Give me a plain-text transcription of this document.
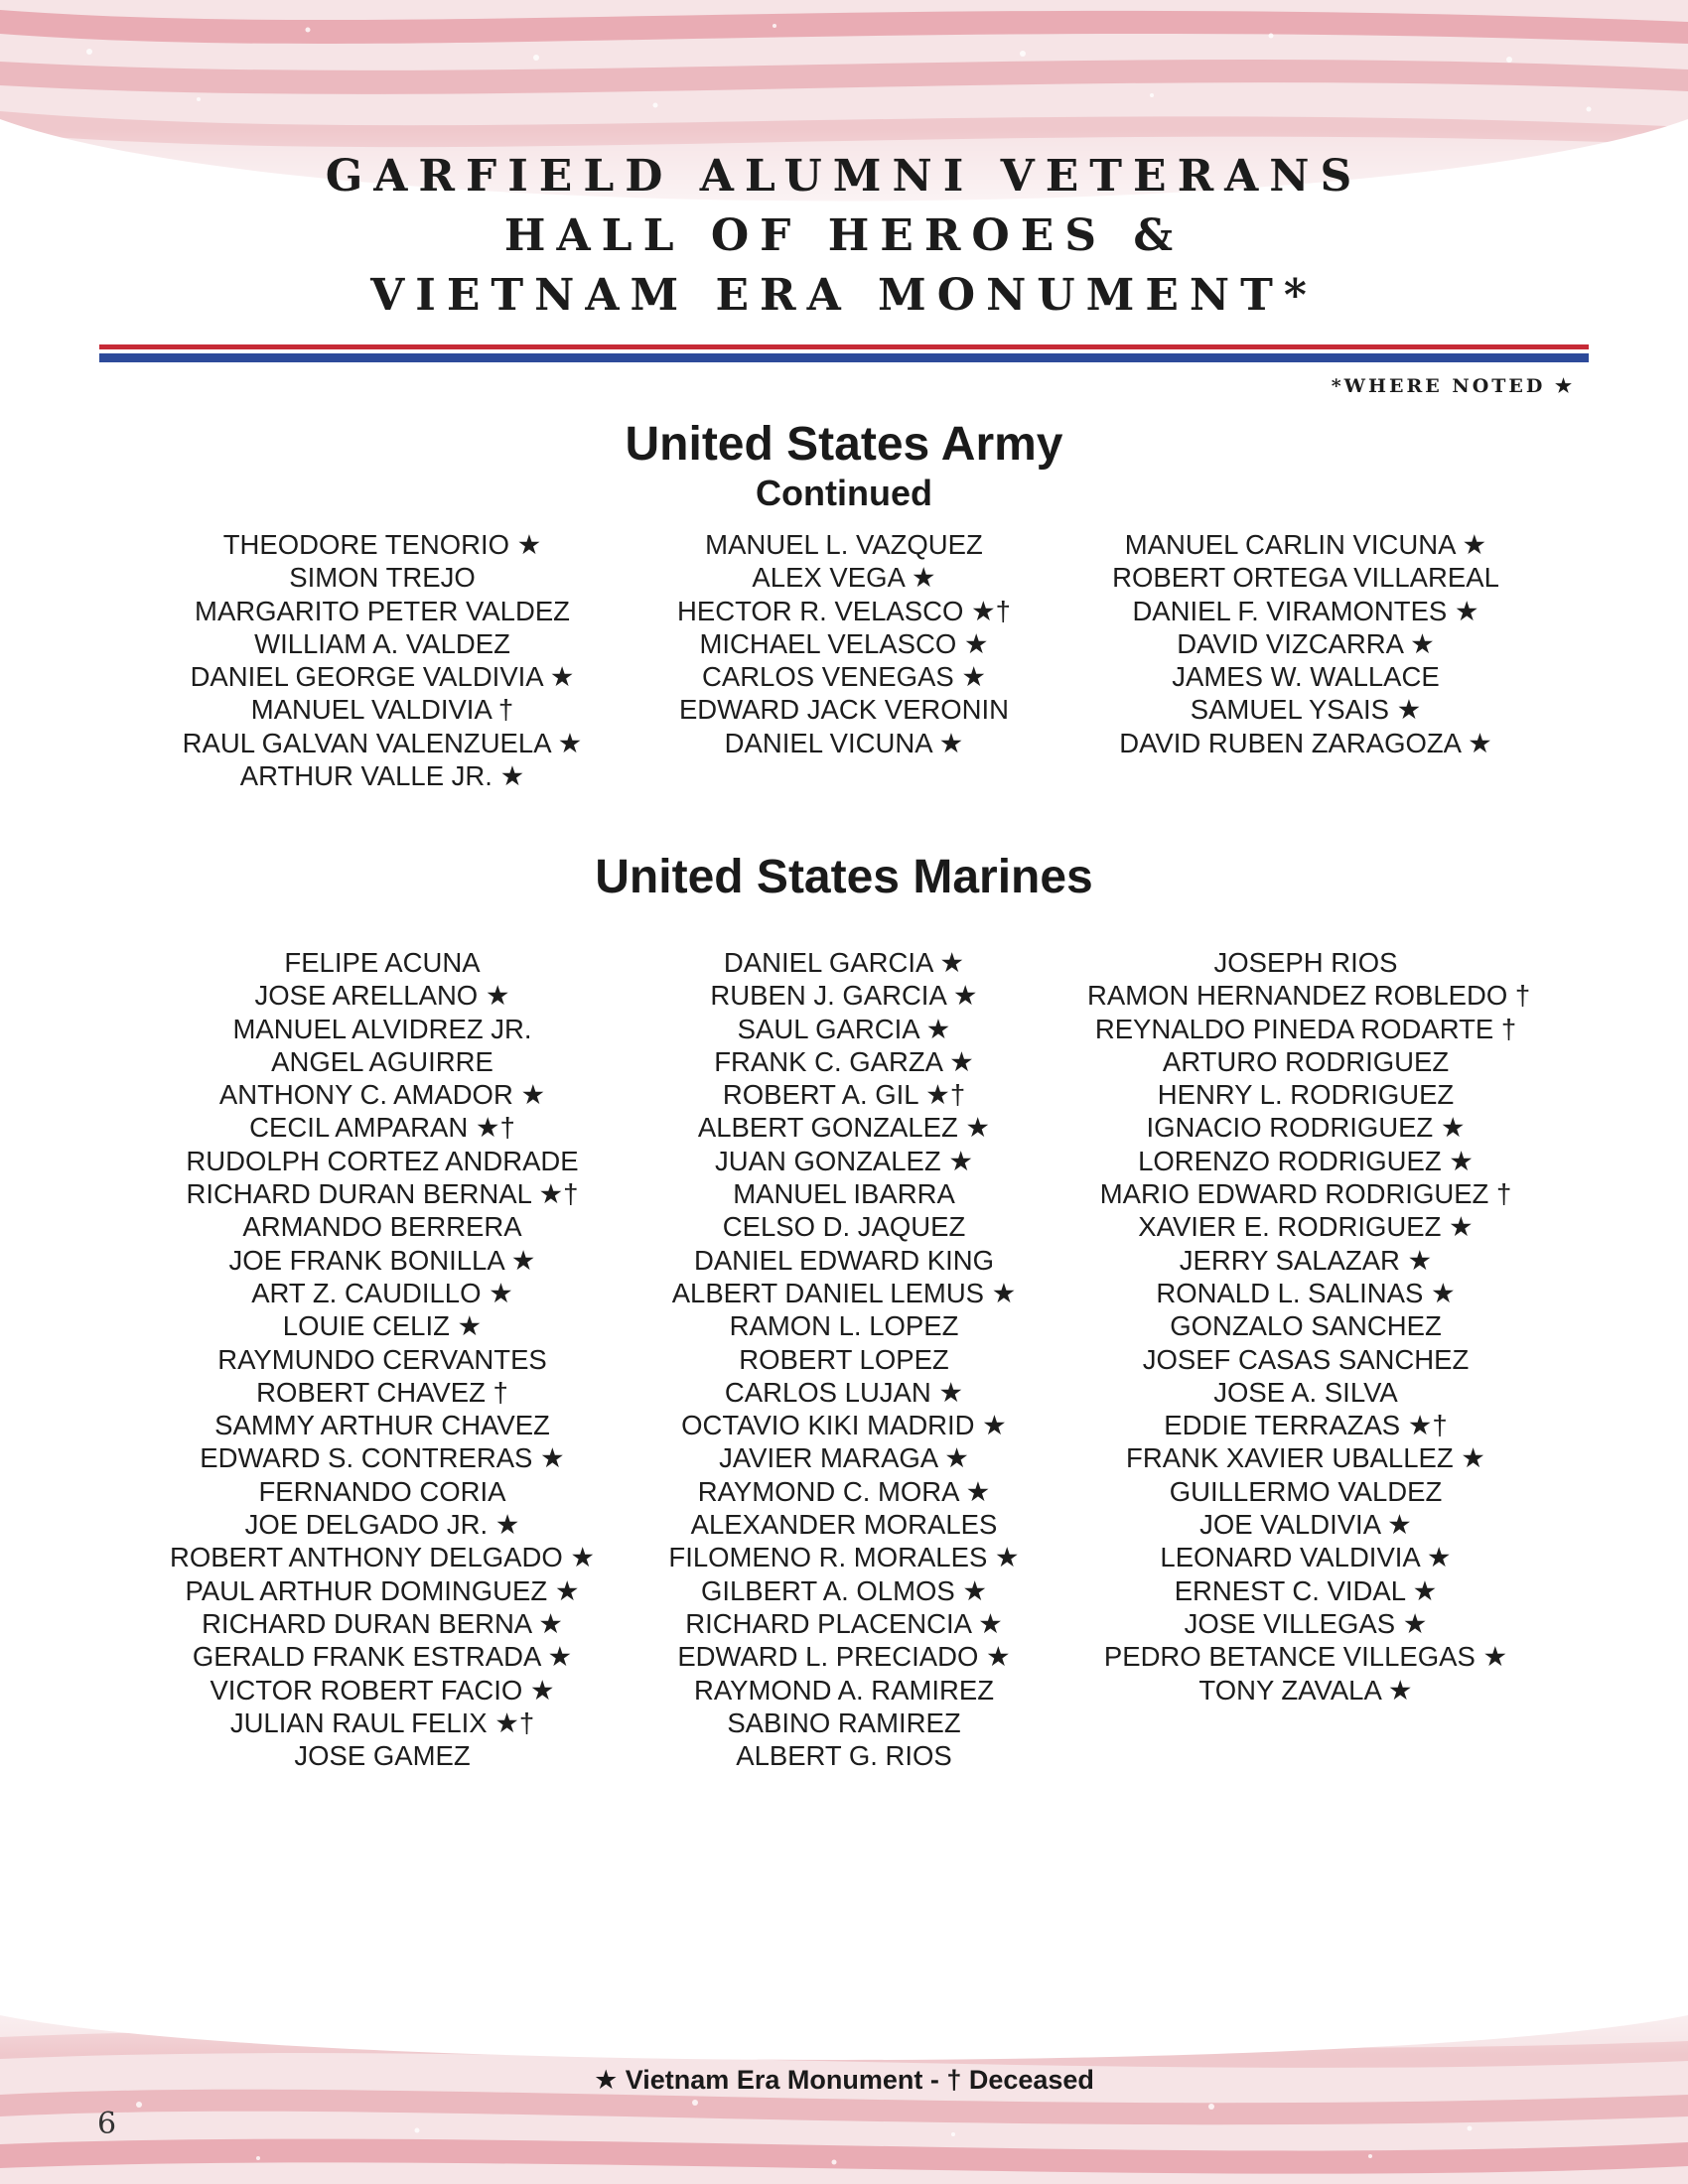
GARFIELD ALUMNI VETERANS

HALL OF HEROES &

VIETNAM ERA MONUMENT*

*WHERE NOTED ★
United States Army
Continued
THEODORE TENORIO ★
SIMON TREJO
MARGARITO PETER VALDEZ
WILLIAM A. VALDEZ
DANIEL GEORGE VALDIVIA ★
MANUEL VALDIVIA †
RAUL GALVAN VALENZUELA ★
ARTHUR VALLE JR. ★
MANUEL L. VAZQUEZ
ALEX VEGA ★
HECTOR R. VELASCO ★†
MICHAEL VELASCO ★
CARLOS VENEGAS ★
EDWARD JACK VERONIN
DANIEL VICUNA ★
MANUEL CARLIN VICUNA ★
ROBERT ORTEGA VILLAREAL
DANIEL F. VIRAMONTES ★
DAVID VIZCARRA ★
JAMES W. WALLACE
SAMUEL YSAIS ★
DAVID RUBEN ZARAGOZA ★
United States Marines
FELIPE ACUNA
JOSE ARELLANO ★
MANUEL ALVIDREZ JR.
ANGEL AGUIRRE
ANTHONY C. AMADOR ★
CECIL AMPARAN ★†
RUDOLPH CORTEZ ANDRADE
RICHARD DURAN BERNAL ★†
ARMANDO BERRERA
JOE FRANK BONILLA ★
ART Z. CAUDILLO ★
LOUIE CELIZ ★
RAYMUNDO CERVANTES
ROBERT CHAVEZ †
SAMMY ARTHUR CHAVEZ
EDWARD S. CONTRERAS ★
FERNANDO CORIA
JOE DELGADO JR. ★
ROBERT ANTHONY DELGADO ★
PAUL ARTHUR DOMINGUEZ ★
RICHARD DURAN BERNA ★
GERALD FRANK ESTRADA ★
VICTOR ROBERT FACIO ★
JULIAN RAUL FELIX ★†
JOSE GAMEZ
DANIEL GARCIA ★
RUBEN J. GARCIA ★
SAUL GARCIA ★
FRANK C. GARZA ★
ROBERT A. GIL ★†
ALBERT GONZALEZ ★
JUAN GONZALEZ ★
MANUEL IBARRA
CELSO D. JAQUEZ
DANIEL EDWARD KING
ALBERT DANIEL LEMUS ★
RAMON L. LOPEZ
ROBERT LOPEZ
CARLOS LUJAN ★
OCTAVIO KIKI MADRID ★
JAVIER MARAGA ★
RAYMOND C. MORA ★
ALEXANDER MORALES
FILOMENO R. MORALES ★
GILBERT A. OLMOS ★
RICHARD PLACENCIA ★
EDWARD L. PRECIADO ★
RAYMOND A. RAMIREZ
SABINO RAMIREZ
ALBERT G. RIOS
JOSEPH RIOS
RAMON HERNANDEZ ROBLEDO †
REYNALDO PINEDA RODARTE †
ARTURO RODRIGUEZ
HENRY L. RODRIGUEZ
IGNACIO RODRIGUEZ ★
LORENZO RODRIGUEZ ★
MARIO EDWARD RODRIGUEZ †
XAVIER E. RODRIGUEZ ★
JERRY SALAZAR ★
RONALD L. SALINAS ★
GONZALO SANCHEZ
JOSEF CASAS SANCHEZ
JOSE A. SILVA
EDDIE TERRAZAS ★†
FRANK XAVIER UBALLEZ ★
GUILLERMO VALDEZ
JOE VALDIVIA ★
LEONARD VALDIVIA ★
ERNEST C. VIDAL ★
JOSE VILLEGAS ★
PEDRO BETANCE VILLEGAS ★
TONY ZAVALA ★
★ Vietnam Era Monument - † Deceased
6
